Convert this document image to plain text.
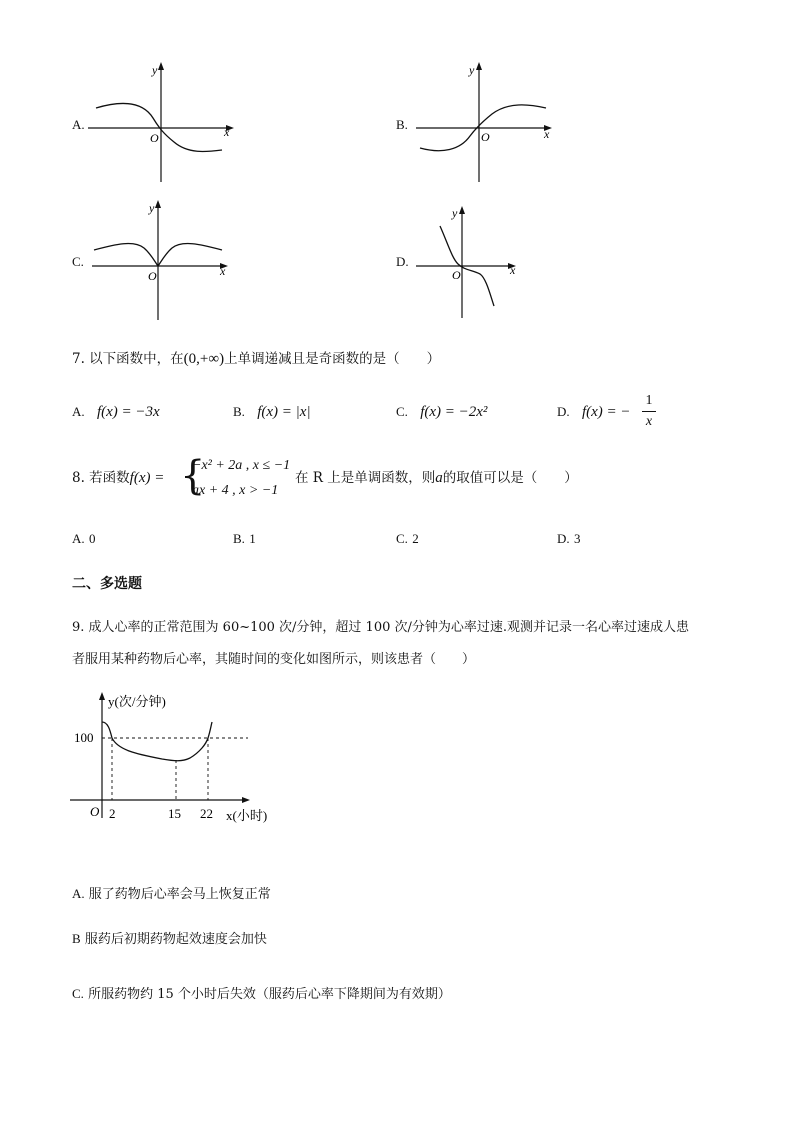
A.
O	x
y
B.
O	x
y
C.
O	x
y
D.
O	x
y
7. 以下函数中，在(0,+∞)上单调递减且是奇函数的是（　　）
A. f(x) = −3x	B. f(x) = |x|	C. f(x) = −2x²	D. f(x) = −
1
x
8. 若函数f(x) = {
−x² + 2a , x ≤ −1
ax + 4 , x > −1
在 R 上是单调函数，则a的取值可以是（　　）
A. 0	B. 1	C. 2	D. 3
二、多选题
9. 成人心率的正常范围为 60~100 次/分钟，超过 100 次/分钟为心率过速.观测并记录一名心率过速成人患
者服用某种药物后心率，其随时间的变化如图所示，则该患者（　　）
100
O 2	15 22 x(小时)
y(次/分钟)
A. 服了药物后心率会马上恢复正常
B 服药后初期药物起效速度会加快
C. 所服药物约 15 个小时后失效（服药后心率下降期间为有效期）
